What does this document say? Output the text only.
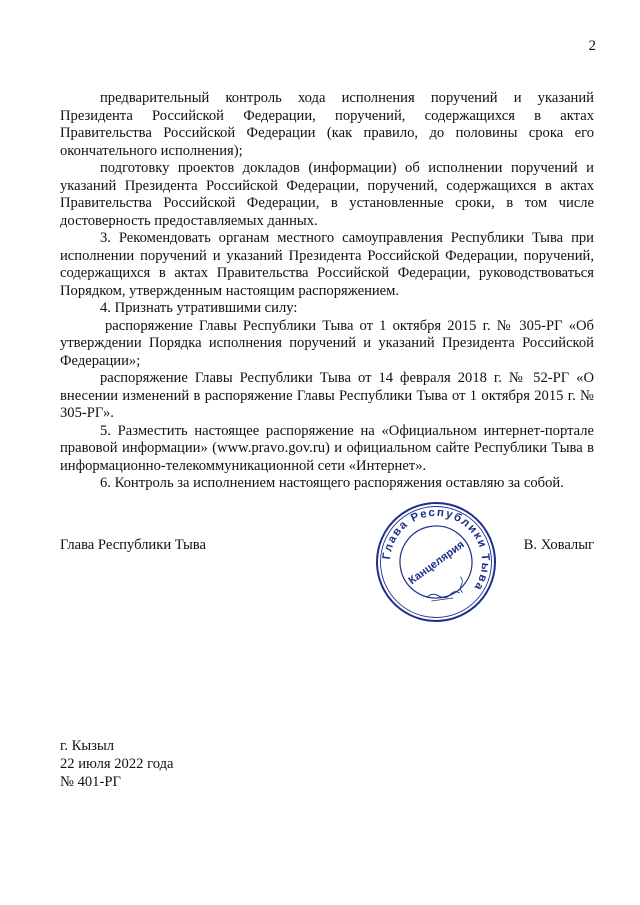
2

предварительный контроль хода исполнения поручений и указаний Президента Российской Федерации, поручений, содержащихся в актах Правительства Российской Федерации (как правило, до половины срока его окончательного исполнения);

подготовку проектов докладов (информации) об исполнении поручений и указаний Президента Российской Федерации, поручений, содержащихся в актах Правительства Российской Федерации, в установленные сроки, в том числе достоверность предоставляемых данных.

3. Рекомендовать органам местного самоуправления Республики Тыва при исполнении поручений и указаний Президента Российской Федерации, поручений, содержащихся в актах Правительства Российской Федерации, руководствоваться Порядком, утвержденным настоящим распоряжением.

4. Признать утратившими силу:

распоряжение Главы Республики Тыва от 1 октября 2015 г. № 305-РГ «Об утверждении Порядка исполнения поручений и указаний Президента Российской Федерации»;

распоряжение Главы Республики Тыва от 14 февраля 2018 г. № 52-РГ «О внесении изменений в распоряжение Главы Республики Тыва от 1 октября 2015 г. № 305-РГ».

5. Разместить настоящее распоряжение на «Официальном интернет-портале правовой информации» (www.pravo.gov.ru) и официальном сайте Республики Тыва в информационно-телекоммуникационной сети «Интернет».

6. Контроль за исполнением настоящего распоряжения оставляю за собой.

Глава Республики Тыва	В. Ховалыг
Глава Республики Тыва
Канцелярия
г. Кызыл
22 июля 2022 года
№ 401-РГ
